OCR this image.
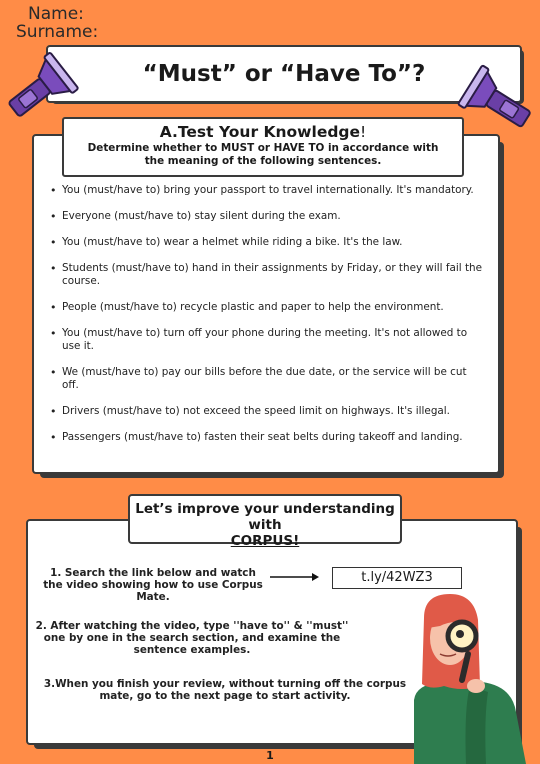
Name:
Surname:
“Must” or “Have To”?
A.Test Your Knowledge!
Determine whether to MUST or HAVE TO in accordance with the meaning of the following sentences.
• You (must/have to) bring your passport to travel internationally. It's mandatory.
• Everyone (must/have to) stay silent during the exam.
• You (must/have to) wear a helmet while riding a bike. It's the law.
• Students (must/have to) hand in their assignments by Friday, or they will fail the course.
• People (must/have to) recycle plastic and paper to help the environment.
• You (must/have to) turn off your phone during the meeting. It's not allowed to use it.
• We (must/have to) pay our bills before the due date, or the service will be cut off.
• Drivers (must/have to) not exceed the speed limit on highways. It's illegal.
• Passengers (must/have to) fasten their seat belts during takeoff and landing.
Let’s improve your understanding with
CORPUS!
1. Search the link below and watch the video showing how to use Corpus Mate.
t.ly/42WZ3
2. After watching the video, type ''have to'' & ''must'' one by one in the search section, and examine the sentence examples.
3.When you finish your review, without turning off the corpus mate, go to the next page to start activity.
1
